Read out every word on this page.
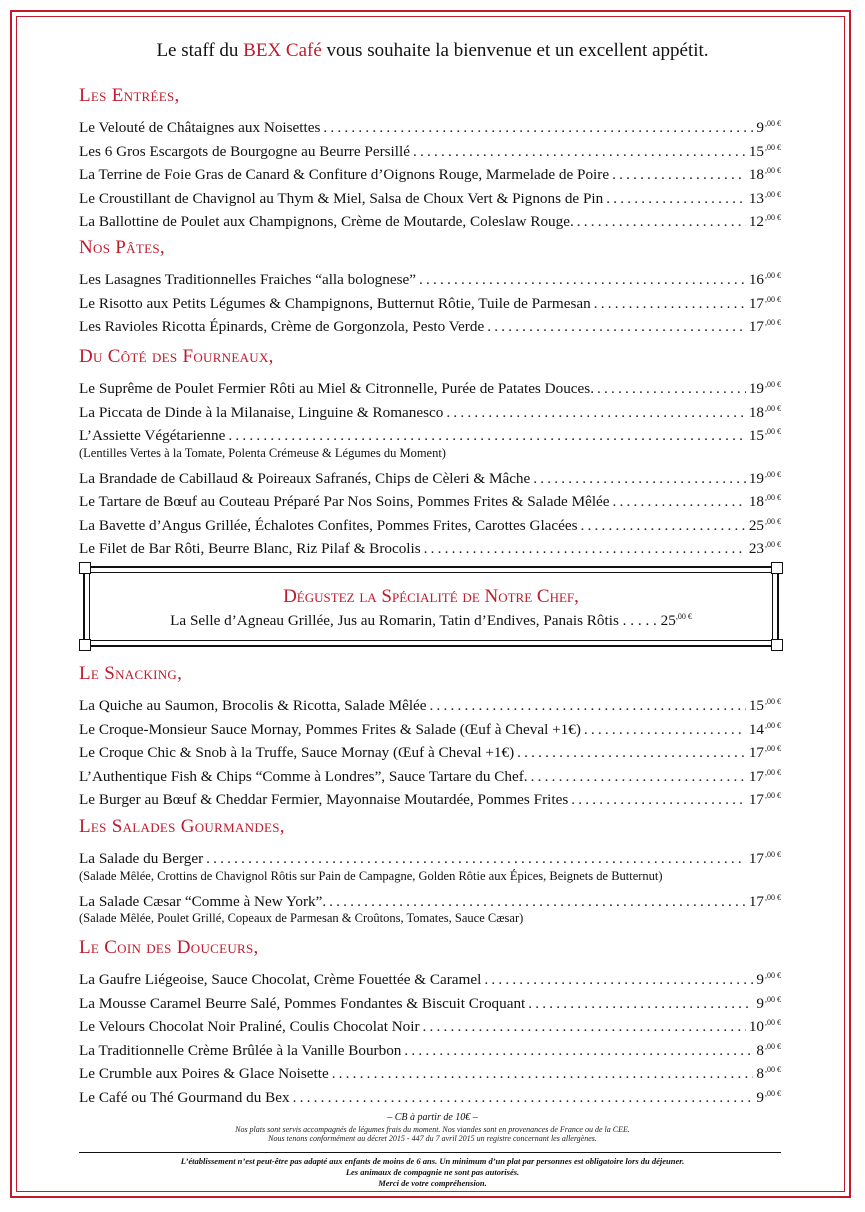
Le staff du BEX Café vous souhaite la bienvenue et un excellent appétit.
Les Entrées,
Le Velouté de Châtaignes aux Noisettes .....	$9^{,00 €}$
Les 6 Gros Escargots de Bourgogne au Beurre Persillé .....	$15^{,00 €}$
La Terrine de Foie Gras de Canard & Confiture d’Oignons Rouge, Marmelade de Poire .....	$18^{,00 €}$
Le Croustillant de Chavignol au Thym & Miel, Salsa de Choux Vert & Pignons de Pin .....	$13^{,00 €}$
La Ballottine de Poulet aux Champignons, Crème de Moutarde, Coleslaw Rouge. .....	$12^{,00 €}$
Nos Pâtes,
Les Lasagnes Traditionnelles Fraiches “alla bolognese” .....	$16^{,00 €}$
Le Risotto aux Petits Légumes & Champignons, Butternut Rôtie, Tuile de Parmesan .....	$17^{,00 €}$
Les Ravioles Ricotta Épinards, Crème de Gorgonzola, Pesto Verde .....	$17^{,00 €}$
Du Côté des Fourneaux,
Le Suprême de Poulet Fermier Rôti au Miel & Citronnelle, Purée de Patates Douces. .....	$19^{,00 €}$
La Piccata de Dinde à la Milanaise, Linguine & Romanesco .....	$18^{,00 €}$
L’Assiette Végétarienne .....	$15^{,00 €}$
(Lentilles Vertes à la Tomate, Polenta Crémeuse & Légumes du Moment)
La Brandade de Cabillaud & Poireaux Safranés, Chips de Cèleri & Mâche .....	$19^{,00 €}$
Le Tartare de Bœuf au Couteau Préparé Par Nos Soins, Pommes Frites & Salade Mêlée .....	$18^{,00 €}$
La Bavette d’Angus Grillée, Échalotes Confites, Pommes Frites, Carottes Glacées .....	$25^{,00 €}$
Le Filet de Bar Rôti, Beurre Blanc, Riz Pilaf & Brocolis .....	$23^{,00 €}$
Dégustez la Spécialité de Notre Chef,
La Selle d’Agneau Grillée, Jus au Romarin, Tatin d’Endives, Panais Rôtis . . . . . $25^{,00 €}$
Le Snacking,
La Quiche au Saumon, Brocolis & Ricotta, Salade Mêlée .....	$15^{,00 €}$
Le Croque-Monsieur Sauce Mornay, Pommes Frites & Salade (Œuf à Cheval +1€) .....	$14^{,00 €}$
Le Croque Chic & Snob à la Truffe, Sauce Mornay (Œuf à Cheval +1€) .....	$17^{,00 €}$
L’Authentique Fish & Chips “Comme à Londres”, Sauce Tartare du Chef. .....	$17^{,00 €}$
Le Burger au Bœuf & Cheddar Fermier, Mayonnaise Moutardée, Pommes Frites .....	$17^{,00 €}$
Les Salades Gourmandes,
La Salade du Berger .....	$17^{,00 €}$
(Salade Mêlée, Crottins de Chavignol Rôtis sur Pain de Campagne, Golden Rôtie aux Épices, Beignets de Butternut)
La Salade Cæsar “Comme à New York”. .....	$17^{,00 €}$
(Salade Mêlée, Poulet Grillé, Copeaux de Parmesan & Croûtons, Tomates, Sauce Cæsar)
Le Coin des Douceurs,
La Gaufre Liégeoise, Sauce Chocolat, Crème Fouettée & Caramel .....	$9^{,00 €}$
La Mousse Caramel Beurre Salé, Pommes Fondantes & Biscuit Croquant .....	$9^{,00 €}$
Le Velours Chocolat Noir Praliné, Coulis Chocolat Noir .....	$10^{,00 €}$
La Traditionnelle Crème Brûlée à la Vanille Bourbon .....	$8^{,00 €}$
Le Crumble aux Poires & Glace Noisette .....	$8^{,00 €}$
Le Café ou Thé Gourmand du Bex .....	$9^{,00 €}$
– CB à partir de 10€ –
Nos plats sont servis accompagnés de légumes frais du moment. Nos viandes sont en provenances de France ou de la CEE.
Nous tenons conformément au décret 2015 - 447 du 7 avril 2015 un registre concernant les allergènes.
L’établissement n’est peut-être pas adapté aux enfants de moins de 6 ans. Un minimum d’un plat par personnes est obligatoire lors du déjeuner.
Les animaux de compagnie ne sont pas autorisés.
Merci de votre compréhension.
